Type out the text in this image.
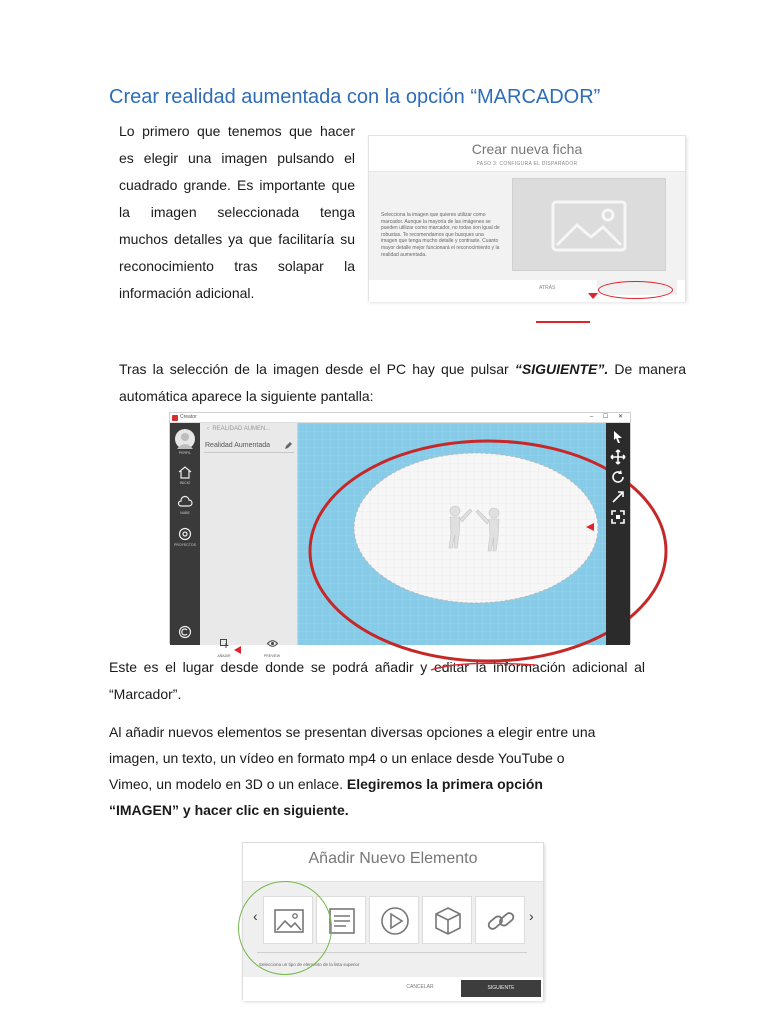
Crear realidad aumentada con la opción “MARCADOR”
Lo primero que tenemos que hacer es elegir una imagen pulsando el cuadrado grande. Es importante que la imagen seleccionada tenga muchos detalles ya que facilitaría su reconocimiento tras solapar la información adicional.
Crear nueva ficha
PASO 3: CONFIGURA EL DISPARADOR
Selecciona la imagen que quieres utilizar como marcador. Aunque la mayoría de las imágenes se pueden utilizar como marcador, no todas son igual de robustas. Te recomendamos que busques una imagen que tenga mucho detalle y contraste. Cuanto mayor detalle mejor funcionará el reconocimiento y la realidad aumentada.
ATRÁS
Tras la selección de la imagen desde el PC hay que pulsar “SIGUIENTE”. De manera automática aparece la siguiente pantalla:
Creator	– ☐ ✕
PERFIL
INICIO
NUBE
PROYECTOS
‹  REALIDAD AUMEN...
Realidad Aumentada
AÑADIR	PREVIEW
Este es el lugar desde donde se podrá añadir y editar la información adicional al “Marcador”.
Al añadir nuevos elementos se presentan diversas opciones a elegir entre una imagen, un texto, un vídeo en formato mp4 o un enlace desde YouTube o Vimeo, un modelo en 3D o un enlace. Elegiremos la primera opción “IMAGEN” y hacer clic en siguiente.
Añadir Nuevo Elemento
‹	›
Selecciona un tipo de elemento de la lista superior
CANCELAR	SIGUIENTE
